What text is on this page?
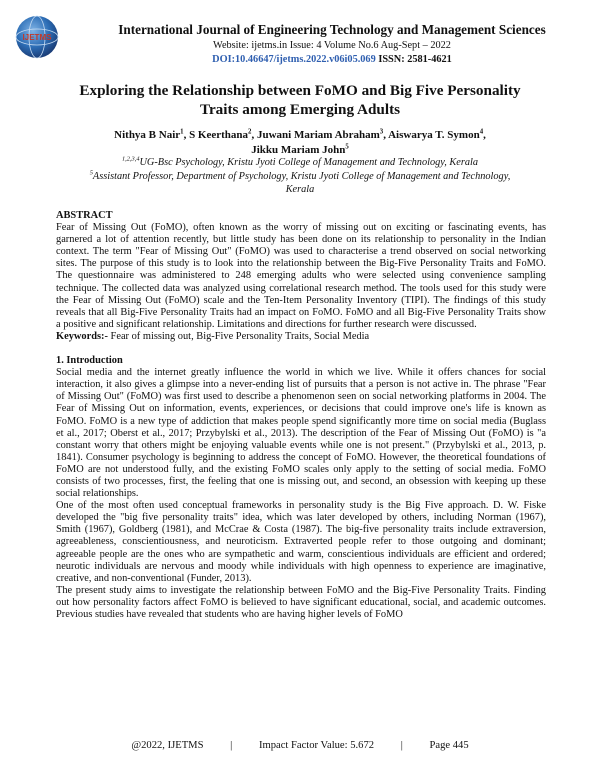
IJETMS
International Journal of Engineering Technology and Management Sciences
Website: ijetms.in Issue: 4 Volume No.6 Aug-Sept – 2022
DOI:10.46647/ijetms.2022.v06i05.069 ISSN: 2581-4621
Exploring the Relationship between FoMO and Big Five Personality
Traits among Emerging Adults
Nithya B Nair$^1$, S Keerthana$^2$, Juwani Mariam Abraham$^3$, Aiswarya T. Symon$^4$,
Jikku Mariam John$^5$
$^{1,2,3,4}$UG-Bsc Psychology, Kristu Jyoti College of Management and Technology, Kerala
$^5$Assistant Professor, Department of Psychology, Kristu Jyoti College of Management and Technology,
Kerala
ABSTRACT

Fear of Missing Out (FoMO), often known as the worry of missing out on exciting or fascinating events, has garnered a lot of attention recently, but little study has been done on its relationship to personality in the Indian context. The term "Fear of Missing Out" (FoMO) was used to characterise a trend observed on social networking sites. The purpose of this study is to look into the relationship between the Big-Five Personality Traits and FoMO. The questionnaire was administered to 248 emerging adults who were selected using convenience sampling technique. The collected data was analyzed using correlational research method. The tools used for this study were the Fear of Missing Out (FoMO) scale and the Ten-Item Personality Inventory (TIPI). The findings of this study reveals that all Big-Five Personality Traits had an impact on FoMO. FoMO and all Big-Five Personality Traits show a positive and significant relationship. Limitations and directions for further research were discussed.

Keywords:- Fear of missing out, Big-Five Personality Traits, Social Media

1. Introduction

Social media and the internet greatly influence the world in which we live. While it offers chances for social interaction, it also gives a glimpse into a never-ending list of pursuits that a person is not active in. The phrase "Fear of Missing Out" (FoMO) was first used to describe a phenomenon seen on social networking platforms in 2004. The Fear of Missing Out on information, events, experiences, or decisions that could improve one's life is known as FoMO. FoMO is a new type of addiction that makes people spend significantly more time on social media (Buglass et al., 2017; Oberst et al., 2017; Przybylski et al., 2013). The description of the Fear of Missing Out (FoMO) is "a constant worry that others might be enjoying valuable events while one is not present." (Przybylski et al., 2013, p. 1841). Consumer psychology is beginning to address the concept of FoMO. However, the theoretical foundations of FoMO are not understood fully, and the existing FoMO scales only apply to the setting of social media. FoMO consists of two processes, first, the feeling that one is missing out, and second, an obsession with keeping up these social relationships.

One of the most often used conceptual frameworks in personality study is the Big Five approach. D. W. Fiske developed the "big five personality traits" idea, which was later developed by others, including Norman (1967), Smith (1967), Goldberg (1981), and McCrae & Costa (1987). The big-five personality traits include extraversion, agreeableness, conscientiousness, and neuroticism. Extraverted people refer to those outgoing and dominant; agreeable people are the ones who are sympathetic and warm, conscientious individuals are efficient and ordered; neurotic individuals are nervous and moody while individuals with high openness to experience are imaginative, creative, and non-conventional (Funder, 2013).

The present study aims to investigate the relationship between FoMO and the Big-Five Personality Traits. Finding out how personality factors affect FoMO is believed to have significant educational, social, and academic outcomes. Previous studies have revealed that students who are having higher levels of FoMO

@2022, IJETMS	|	Impact Factor Value: 5.672	|	Page 445
